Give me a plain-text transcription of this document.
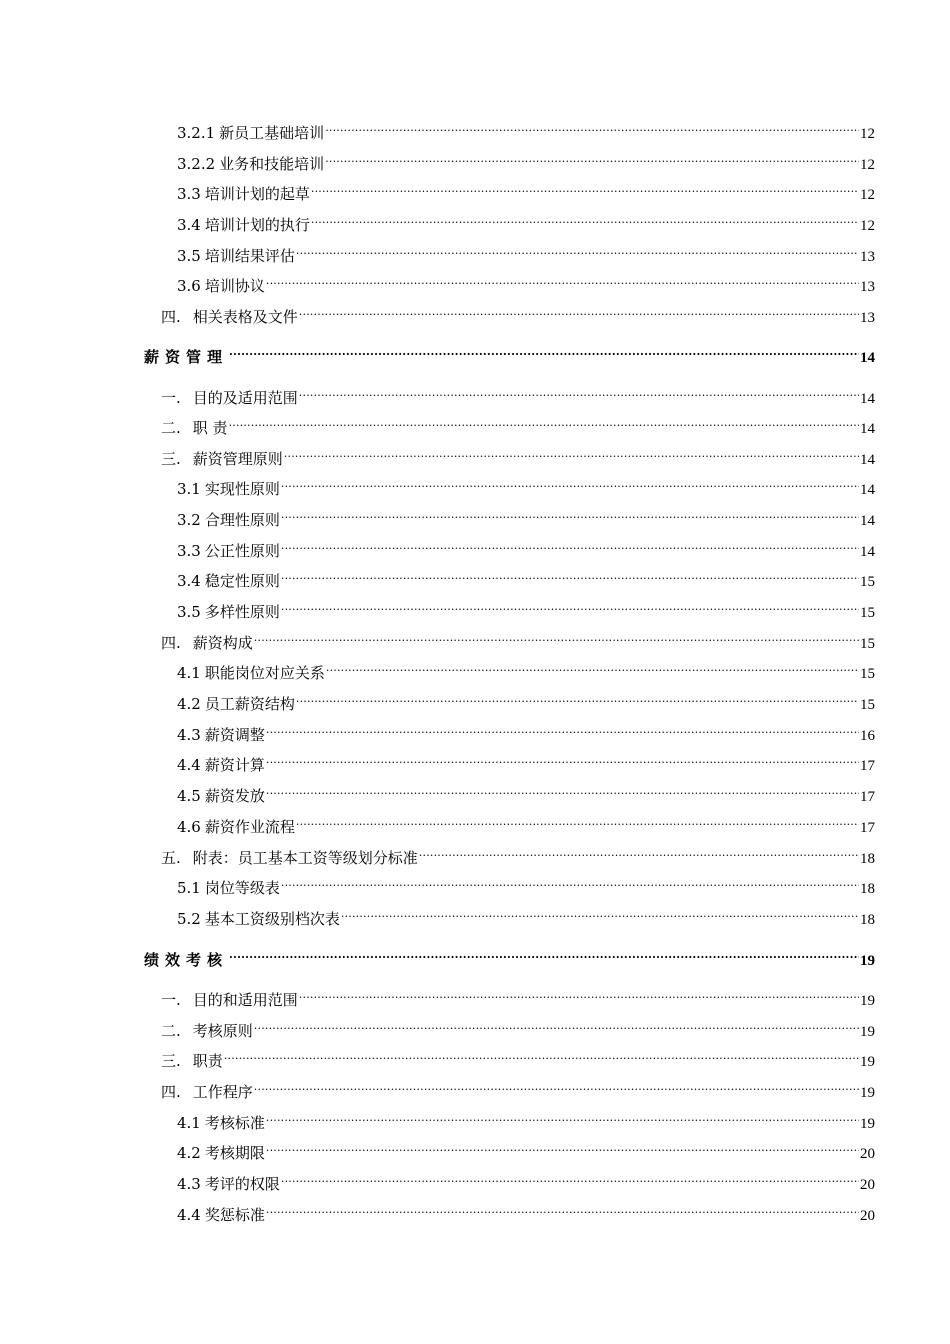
3.2.1 新员工基础培训 .....	12
3.2.2 业务和技能培训 .....	12
3.3 培训计划的起草 .....	12
3.4 培训计划的执行 .....	12
3.5 培训结果评估 .....	13
3.6 培训协议 .....	13
四. 相关表格及文件 .....	13
薪资管理 .....	14
一. 目的及适用范围 .....	14
二. 职 责 .....	14
三. 薪资管理原则 .....	14
3.1 实现性原则 .....	14
3.2 合理性原则 .....	14
3.3 公正性原则 .....	14
3.4 稳定性原则 .....	15
3.5 多样性原则 .....	15
四. 薪资构成 .....	15
4.1 职能岗位对应关系 .....	15
4.2 员工薪资结构 .....	15
4.3 薪资调整 .....	16
4.4 薪资计算 .....	17
4.5 薪资发放 .....	17
4.6 薪资作业流程 .....	17
五. 附表：员工基本工资等级划分标准 .....	18
5.1 岗位等级表 .....	18
5.2 基本工资级别档次表 .....	18
绩效考核 .....	19
一. 目的和适用范围 .....	19
二. 考核原则 .....	19
三. 职责 .....	19
四. 工作程序 .....	19
4.1 考核标准 .....	19
4.2 考核期限 .....	20
4.3 考评的权限 .....	20
4.4 奖惩标准 .....	20
